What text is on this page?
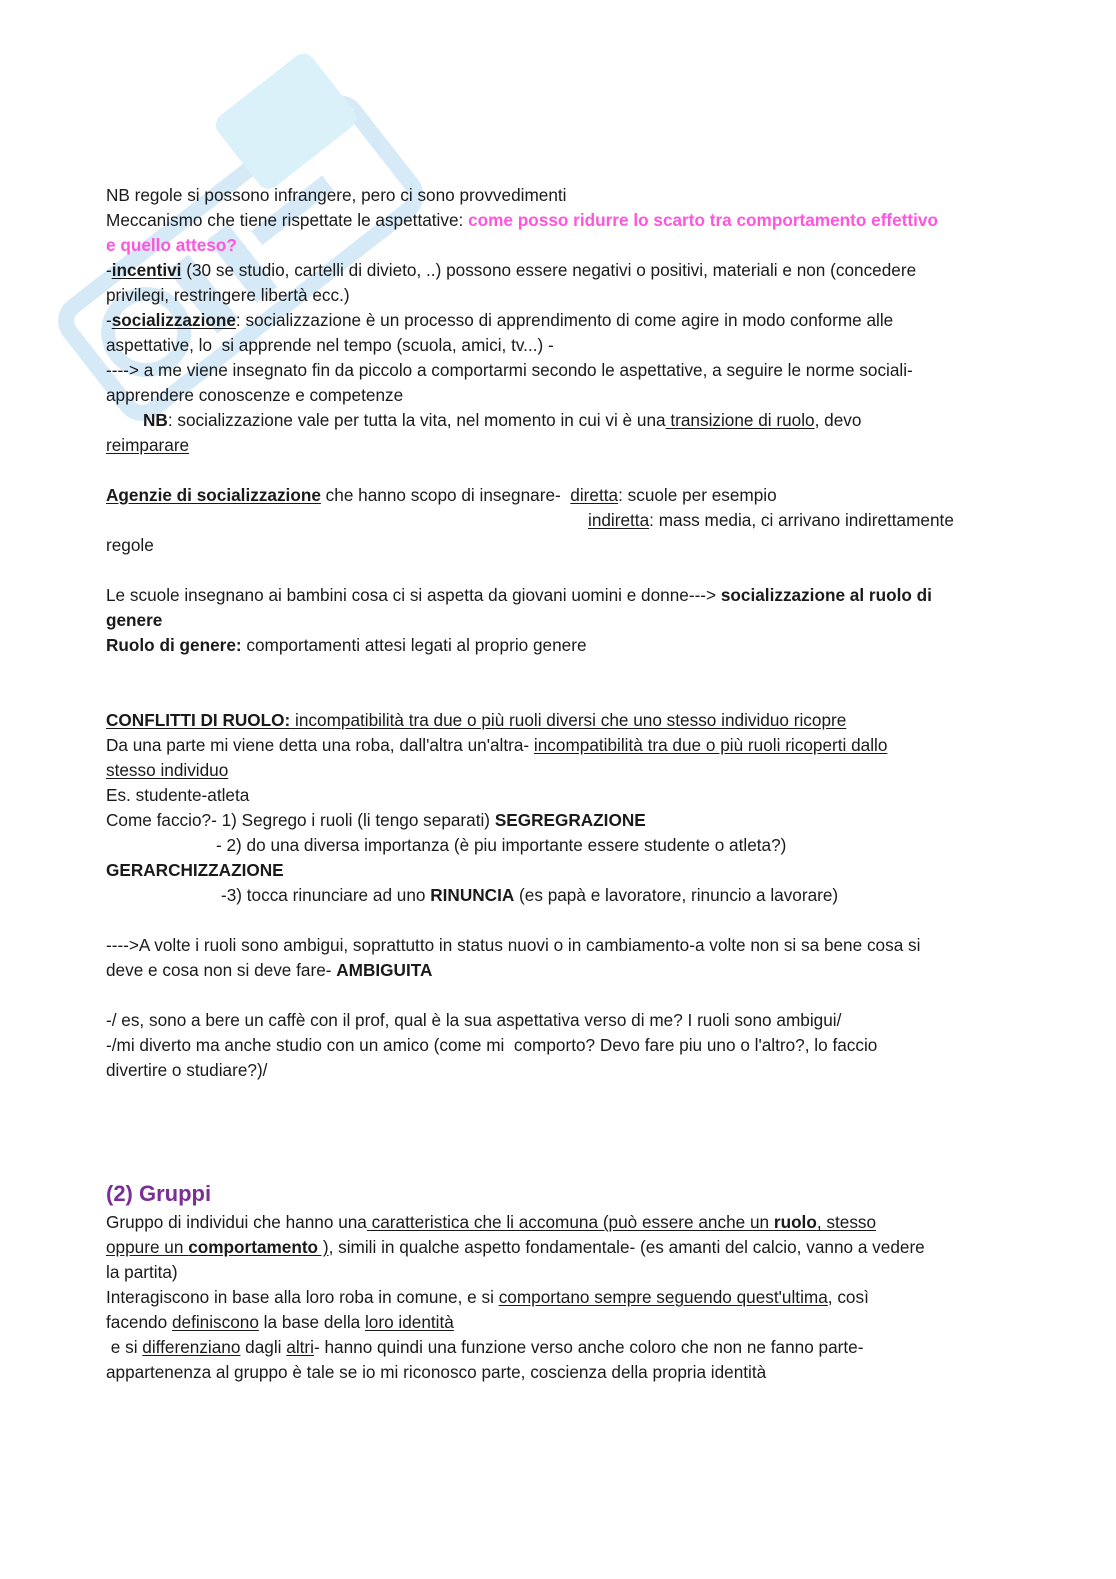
NB regole si possono infrangere, pero ci sono provvedimenti
Meccanismo che tiene rispettate le aspettative: come posso ridurre lo scarto tra comportamento effettivo
e quello atteso?
-incentivi (30 se studio, cartelli di divieto, ..) possono essere negativi o positivi, materiali e non (concedere
privilegi, restringere libertà ecc.)
-socializzazione: socializzazione è un processo di apprendimento di come agire in modo conforme alle
aspettative, lo  si apprende nel tempo (scuola, amici, tv...) -
----> a me viene insegnato fin da piccolo a comportarmi secondo le aspettative, a seguire le norme sociali-
apprendere conoscenze e competenze
NB: socializzazione vale per tutta la vita, nel momento in cui vi è una transizione di ruolo, devo
reimparare
Agenzie di socializzazione che hanno scopo di insegnare-  diretta: scuole per esempio
indiretta: mass media, ci arrivano indirettamente
regole
Le scuole insegnano ai bambini cosa ci si aspetta da giovani uomini e donne---> socializzazione al ruolo di
genere
Ruolo di genere: comportamenti attesi legati al proprio genere
CONFLITTI DI RUOLO: incompatibilità tra due o più ruoli diversi che uno stesso individuo ricopre
Da una parte mi viene detta una roba, dall'altra un'altra- incompatibilità tra due o più ruoli ricoperti dallo
stesso individuo
Es. studente-atleta
Come faccio?- 1) Segrego i ruoli (li tengo separati) SEGREGRAZIONE
- 2) do una diversa importanza (è piu importante essere studente o atleta?)
GERARCHIZZAZIONE
-3) tocca rinunciare ad uno RINUNCIA (es papà e lavoratore, rinuncio a lavorare)
---->A volte i ruoli sono ambigui, soprattutto in status nuovi o in cambiamento-a volte non si sa bene cosa si
deve e cosa non si deve fare- AMBIGUITA
-/ es, sono a bere un caffè con il prof, qual è la sua aspettativa verso di me? I ruoli sono ambigui/
-/mi diverto ma anche studio con un amico (come mi  comporto? Devo fare piu uno o l'altro?, lo faccio
divertire o studiare?)/
(2) Gruppi
Gruppo di individui che hanno una caratteristica che li accomuna (può essere anche un ruolo, stesso
oppure un comportamento ), simili in qualche aspetto fondamentale- (es amanti del calcio, vanno a vedere
la partita)
Interagiscono in base alla loro roba in comune, e si comportano sempre seguendo quest'ultima, così
facendo definiscono la base della loro identità
e si differenziano dagli altri- hanno quindi una funzione verso anche coloro che non ne fanno parte-
appartenenza al gruppo è tale se io mi riconosco parte, coscienza della propria identità
